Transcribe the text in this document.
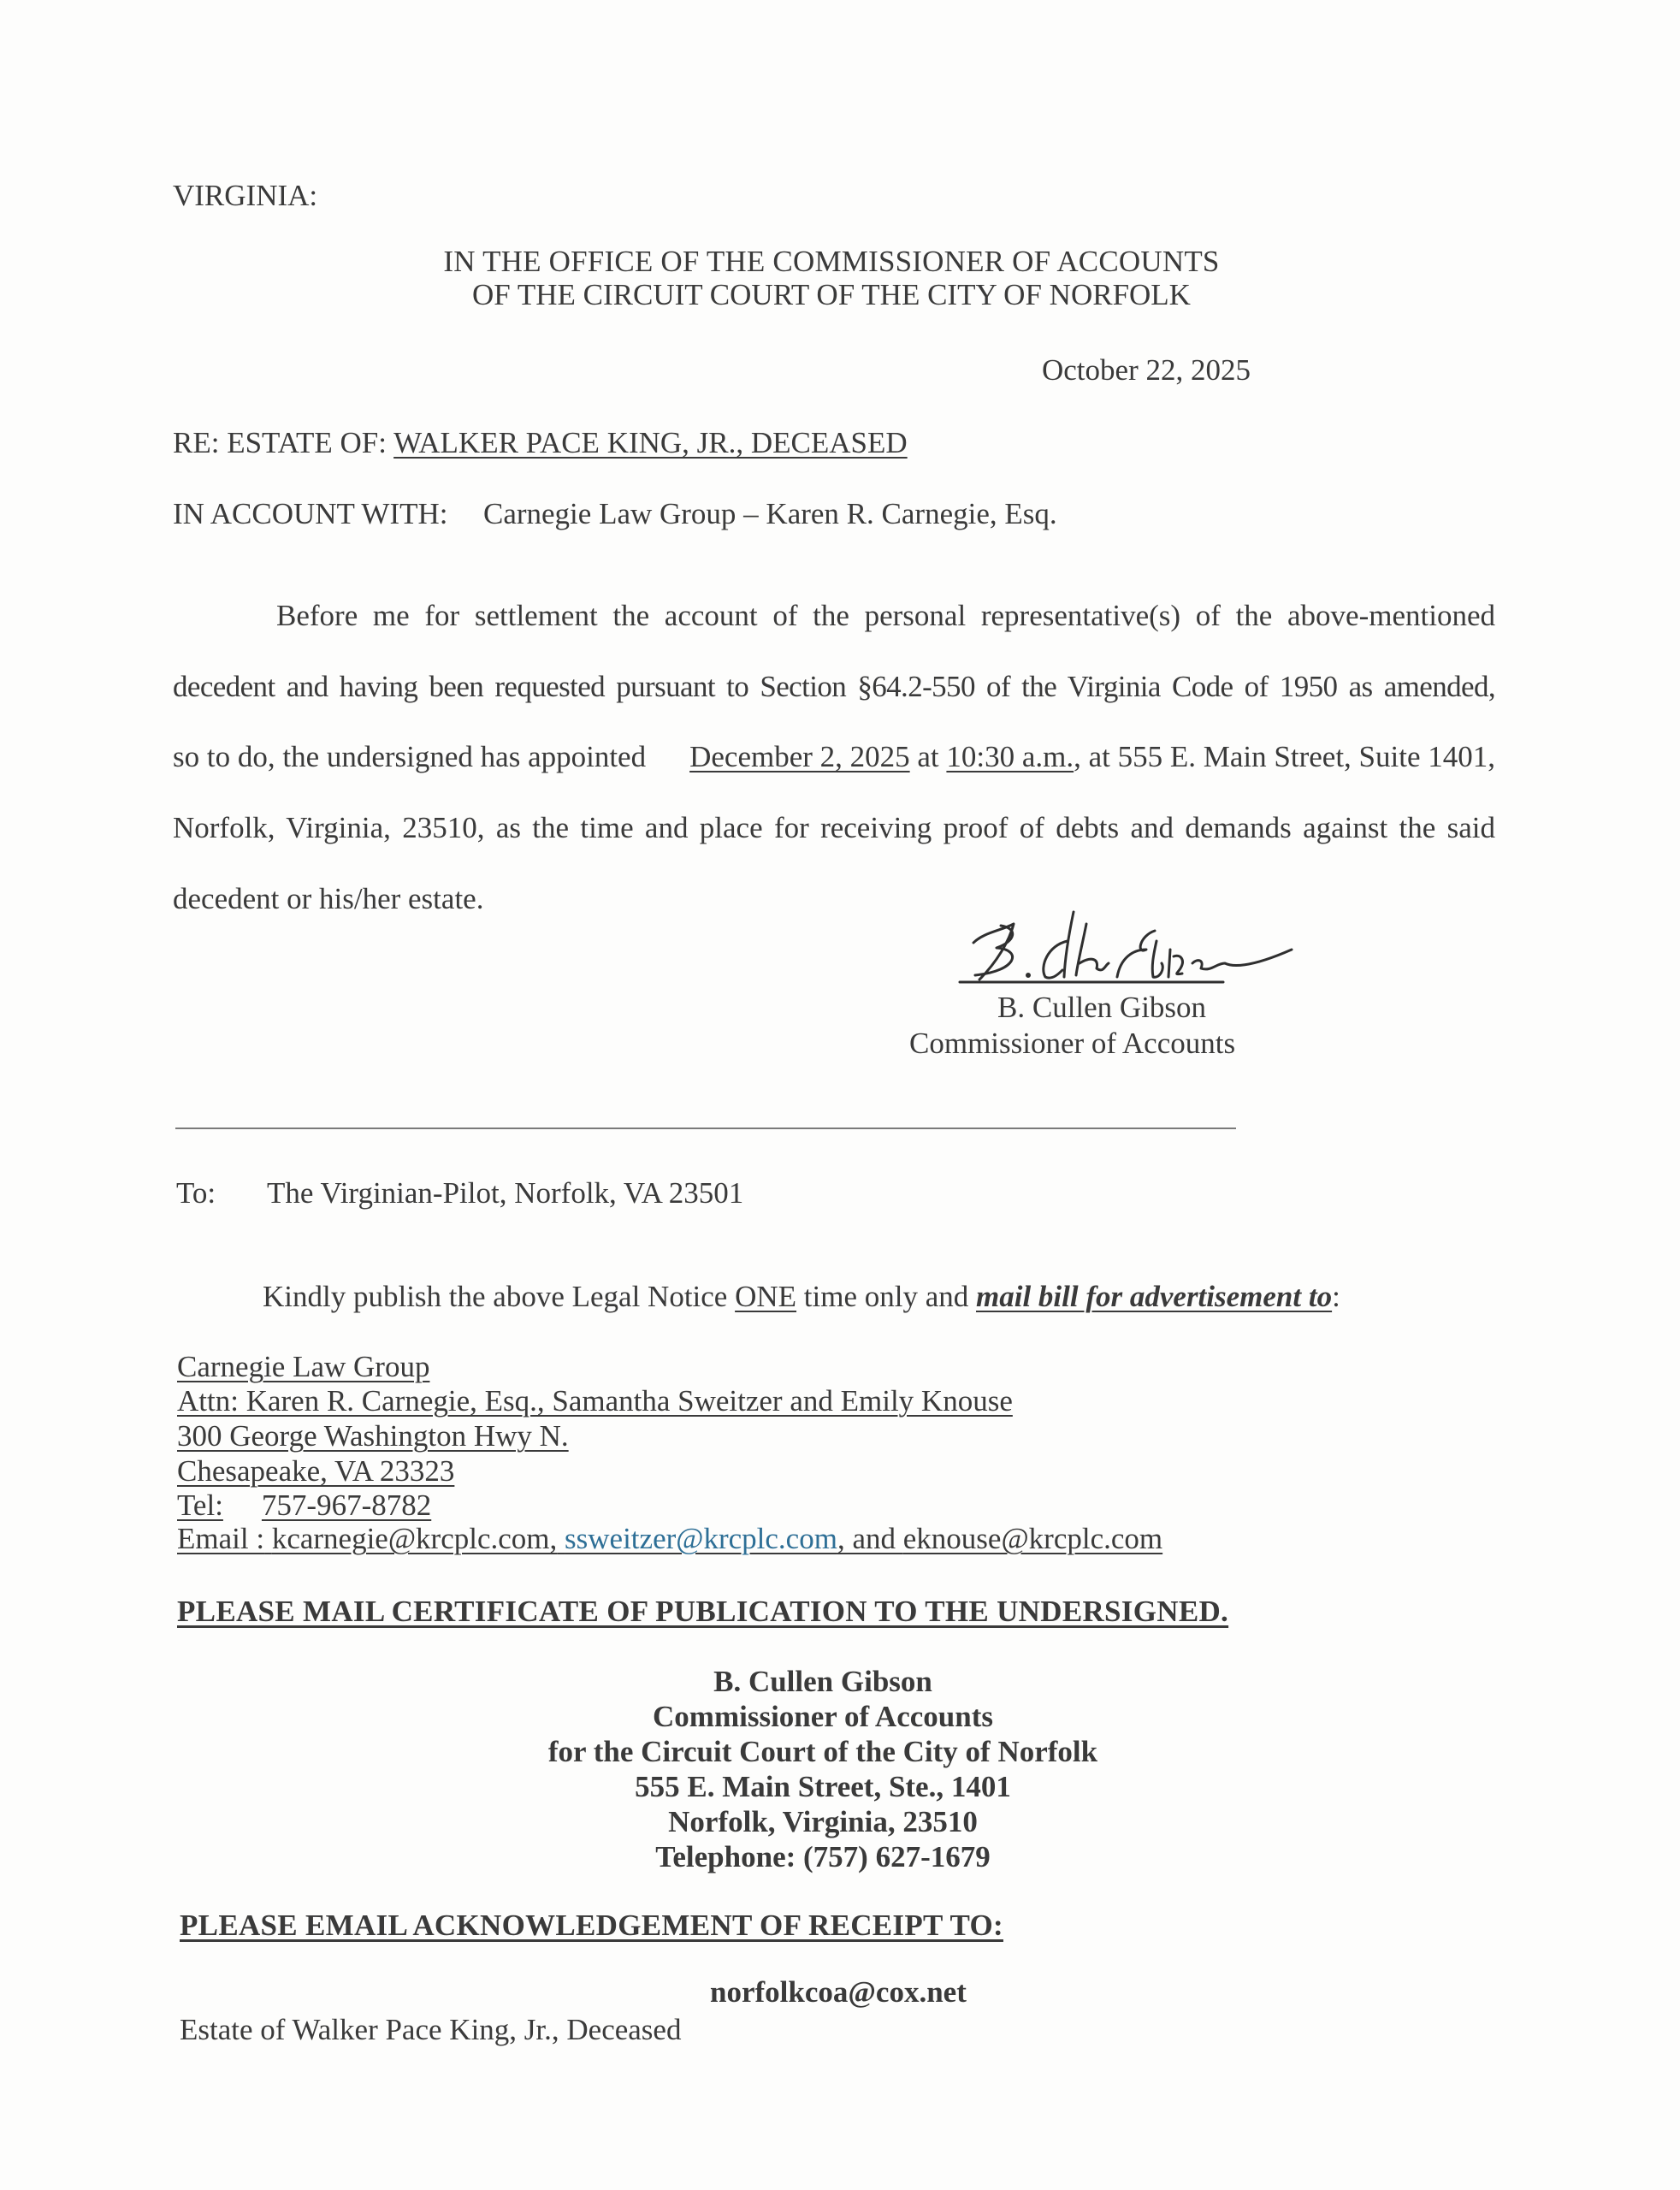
VIRGINIA:
IN THE OFFICE OF THE COMMISSIONER OF ACCOUNTS
OF THE CIRCUIT COURT OF THE CITY OF NORFOLK
October 22, 2025
RE: ESTATE OF: WALKER PACE KING, JR., DECEASED
IN ACCOUNT WITH: Carnegie Law Group – Karen R. Carnegie, Esq.
Before me for settlement the account of the personal representative(s) of the above-mentioned
decedent and having been requested pursuant to Section §64.2-550 of the Virginia Code of 1950 as amended,
so to do, the undersigned has appointed December 2, 2025 at 10:30 a.m., at 555 E. Main Street, Suite 1401,
Norfolk, Virginia, 23510, as the time and place for receiving proof of debts and demands against the said
decedent or his/her estate.
B. Cullen Gibson
Commissioner of Accounts
To: The Virginian-Pilot, Norfolk, VA 23501
Kindly publish the above Legal Notice ONE time only and mail bill for advertisement to:
Carnegie Law Group
Attn: Karen R. Carnegie, Esq., Samantha Sweitzer and Emily Knouse
300 George Washington Hwy N.
Chesapeake, VA 23323
Tel: 757-967-8782
Email : kcarnegie@krcplc.com, ssweitzer@krcplc.com, and eknouse@krcplc.com
PLEASE MAIL CERTIFICATE OF PUBLICATION TO THE UNDERSIGNED.
B. Cullen Gibson
Commissioner of Accounts
for the Circuit Court of the City of Norfolk
555 E. Main Street, Ste., 1401
Norfolk, Virginia, 23510
Telephone: (757) 627-1679
PLEASE EMAIL ACKNOWLEDGEMENT OF RECEIPT TO:
norfolkcoa@cox.net
Estate of Walker Pace King, Jr., Deceased
